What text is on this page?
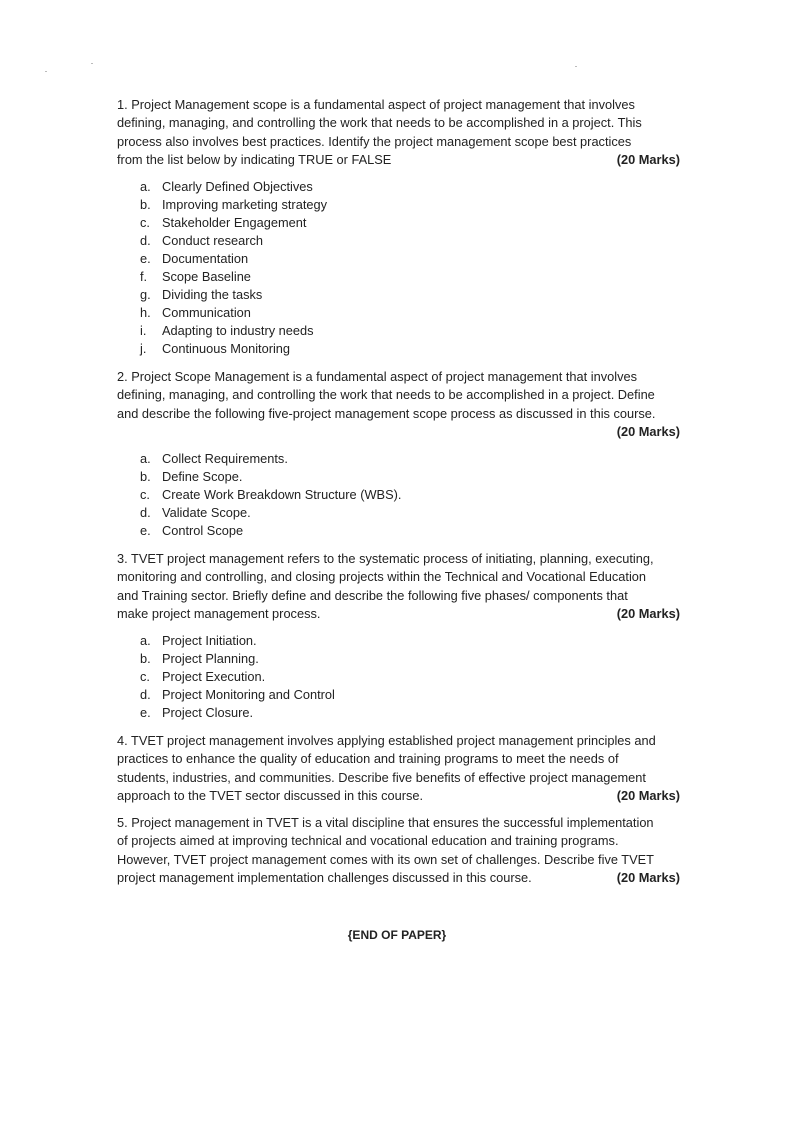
1. Project Management scope is a fundamental aspect of project management that involves
defining, managing, and controlling the work that needs to be accomplished in a project. This
process also involves best practices. Identify the project management scope best practices
from the list below by indicating TRUE or FALSE	(20 Marks)
a. Clearly Defined Objectives
b. Improving marketing strategy
c. Stakeholder Engagement
d. Conduct research
e. Documentation
f. Scope Baseline
g. Dividing the tasks
h. Communication
i. Adapting to industry needs
j. Continuous Monitoring
2. Project Scope Management is a fundamental aspect of project management that involves
defining, managing, and controlling the work that needs to be accomplished in a project. Define
and describe the following five-project management scope process as discussed in this course.
(20 Marks)
a. Collect Requirements.
b. Define Scope.
c. Create Work Breakdown Structure (WBS).
d. Validate Scope.
e. Control Scope
3. TVET project management refers to the systematic process of initiating, planning, executing,
monitoring and controlling, and closing projects within the Technical and Vocational Education
and Training sector. Briefly define and describe the following five phases/ components that
make project management process.	(20 Marks)
a. Project Initiation.
b. Project Planning.
c. Project Execution.
d. Project Monitoring and Control
e. Project Closure.
4. TVET project management involves applying established project management principles and
practices to enhance the quality of education and training programs to meet the needs of
students, industries, and communities. Describe five benefits of effective project management
approach to the TVET sector discussed in this course.	(20 Marks)
5. Project management in TVET is a vital discipline that ensures the successful implementation
of projects aimed at improving technical and vocational education and training programs.
However, TVET project management comes with its own set of challenges. Describe five TVET
project management implementation challenges discussed in this course.	(20 Marks)
{END OF PAPER}
